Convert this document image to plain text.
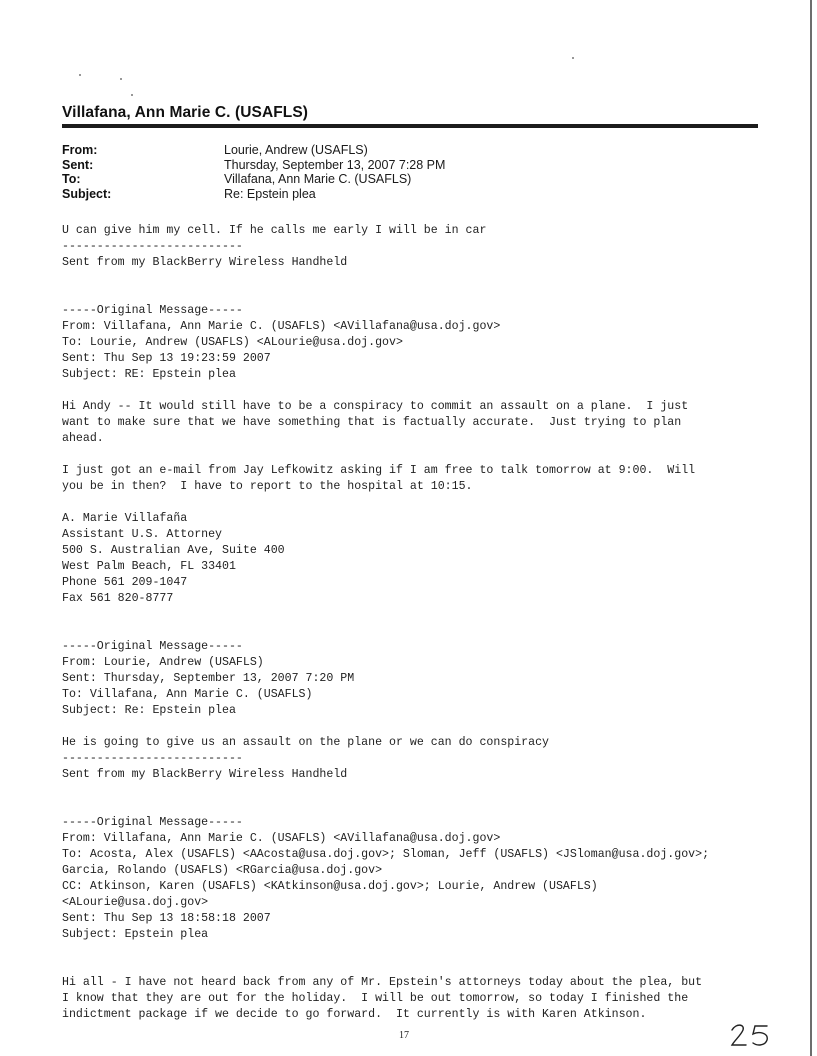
Villafana, Ann Marie C. (USAFLS)
From:	Lourie, Andrew (USAFLS)
Sent:	Thursday, September 13, 2007 7:28 PM
To:	Villafana, Ann Marie C. (USAFLS)
Subject:	Re: Epstein plea
U can give him my cell. If he calls me early I will be in car
--------------------------
Sent from my BlackBerry Wireless Handheld
-----Original Message-----
From: Villafana, Ann Marie C. (USAFLS) <AVillafana@usa.doj.gov>
To: Lourie, Andrew (USAFLS) <ALourie@usa.doj.gov>
Sent: Thu Sep 13 19:23:59 2007
Subject: RE: Epstein plea
Hi Andy -- It would still have to be a conspiracy to commit an assault on a plane.  I just
want to make sure that we have something that is factually accurate.  Just trying to plan
ahead.
I just got an e-mail from Jay Lefkowitz asking if I am free to talk tomorrow at 9:00.  Will
you be in then?  I have to report to the hospital at 10:15.
A. Marie Villafaña
Assistant U.S. Attorney
500 S. Australian Ave, Suite 400
West Palm Beach, FL 33401
Phone 561 209-1047
Fax 561 820-8777
-----Original Message-----
From: Lourie, Andrew (USAFLS)
Sent: Thursday, September 13, 2007 7:20 PM
To: Villafana, Ann Marie C. (USAFLS)
Subject: Re: Epstein plea
He is going to give us an assault on the plane or we can do conspiracy
--------------------------
Sent from my BlackBerry Wireless Handheld
-----Original Message-----
From: Villafana, Ann Marie C. (USAFLS) <AVillafana@usa.doj.gov>
To: Acosta, Alex (USAFLS) <AAcosta@usa.doj.gov>; Sloman, Jeff (USAFLS) <JSloman@usa.doj.gov>;
Garcia, Rolando (USAFLS) <RGarcia@usa.doj.gov>
CC: Atkinson, Karen (USAFLS) <KAtkinson@usa.doj.gov>; Lourie, Andrew (USAFLS)
<ALourie@usa.doj.gov>
Sent: Thu Sep 13 18:58:18 2007
Subject: Epstein plea
Hi all - I have not heard back from any of Mr. Epstein's attorneys today about the plea, but
I know that they are out for the holiday.  I will be out tomorrow, so today I finished the
indictment package if we decide to go forward.  It currently is with Karen Atkinson.
17
